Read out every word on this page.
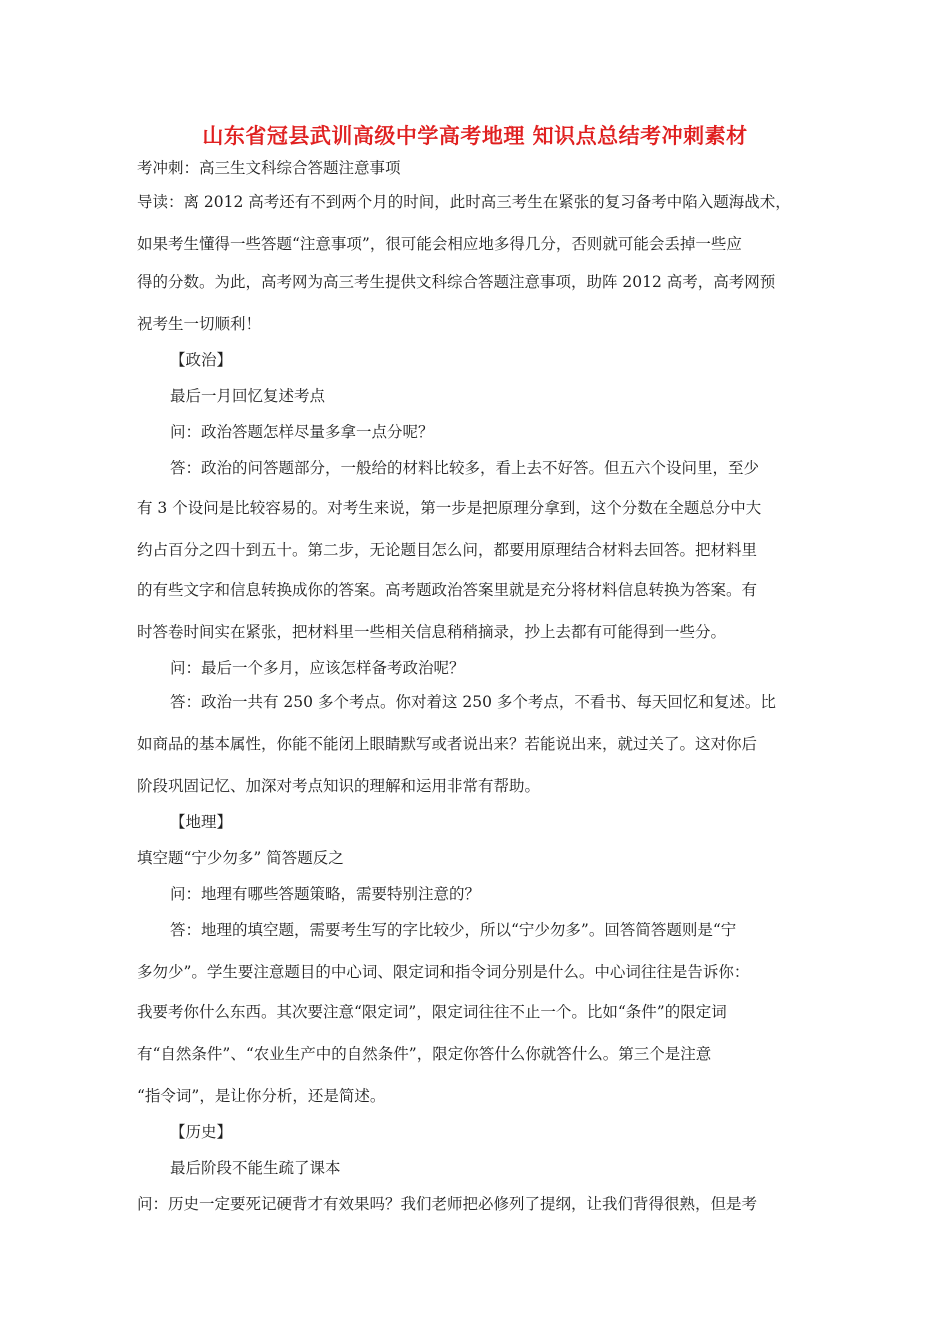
山东省冠县武训高级中学高考地理 知识点总结考冲刺素材
考冲刺：高三生文科综合答题注意事项
导读：离 2012 高考还有不到两个月的时间，此时高三考生在紧张的复习备考中陷入题海战术，
如果考生懂得一些答题“注意事项”，很可能会相应地多得几分，否则就可能会丢掉一些应
得的分数。为此，高考网为高三考生提供文科综合答题注意事项，助阵 2012 高考，高考网预
祝考生一切顺利！
【政治】
最后一月回忆复述考点
问：政治答题怎样尽量多拿一点分呢？
答：政治的问答题部分，一般给的材料比较多，看上去不好答。但五六个设问里，至少
有 3 个设问是比较容易的。对考生来说，第一步是把原理分拿到，这个分数在全题总分中大
约占百分之四十到五十。第二步，无论题目怎么问，都要用原理结合材料去回答。把材料里
的有些文字和信息转换成你的答案。高考题政治答案里就是充分将材料信息转换为答案。有
时答卷时间实在紧张，把材料里一些相关信息稍稍摘录，抄上去都有可能得到一些分。
问：最后一个多月，应该怎样备考政治呢？
答：政治一共有 250 多个考点。你对着这 250 多个考点，不看书、每天回忆和复述。比
如商品的基本属性，你能不能闭上眼睛默写或者说出来？若能说出来，就过关了。这对你后
阶段巩固记忆、加深对考点知识的理解和运用非常有帮助。
【地理】
填空题“宁少勿多” 简答题反之
问：地理有哪些答题策略，需要特别注意的？
答：地理的填空题，需要考生写的字比较少，所以“宁少勿多”。回答简答题则是“宁
多勿少”。学生要注意题目的中心词、限定词和指令词分别是什么。中心词往往是告诉你：
我要考你什么东西。其次要注意“限定词”，限定词往往不止一个。比如“条件”的限定词
有“自然条件”、“农业生产中的自然条件”，限定你答什么你就答什么。第三个是注意
“指令词”，是让你分析，还是简述。
【历史】
最后阶段不能生疏了课本
问：历史一定要死记硬背才有效果吗？我们老师把必修列了提纲，让我们背得很熟，但是考
